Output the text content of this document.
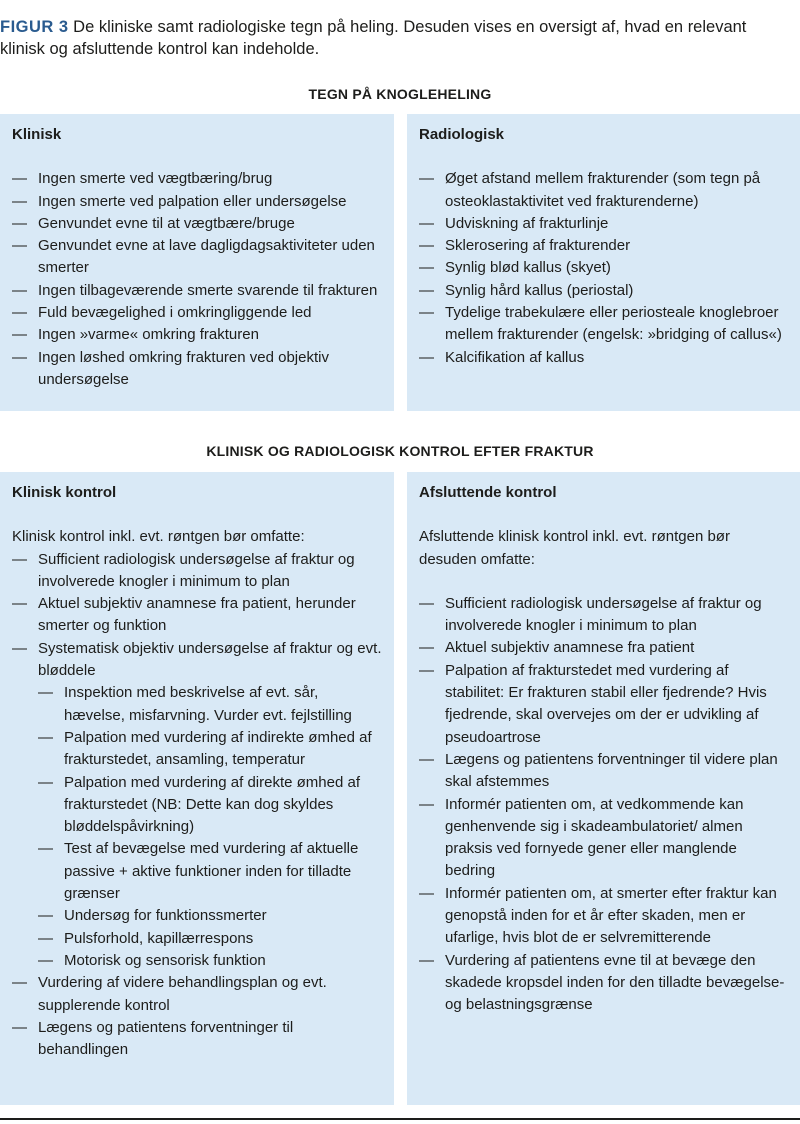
FIGUR 3 De kliniske samt radiologiske tegn på heling. Desuden vises en oversigt af, hvad en relevant klinisk og afsluttende kontrol kan indeholde.
TEGN PÅ KNOGLEHELING
Klinisk
— Ingen smerte ved vægtbæring/brug
— Ingen smerte ved palpation eller undersøgelse
— Genvundet evne til at vægtbære/bruge
— Genvundet evne at lave dagligdagsaktiviteter uden smerter
— Ingen tilbageværende smerte svarende til frakturen
— Fuld bevægelighed i omkringliggende led
— Ingen »varme« omkring frakturen
— Ingen løshed omkring frakturen ved objektiv undersøgelse
Radiologisk
— Øget afstand mellem frakturender (som tegn på osteoklastaktivitet ved frakturenderne)
— Udviskning af frakturlinje
— Sklerosering af frakturender
— Synlig blød kallus (skyet)
— Synlig hård kallus (periostal)
— Tydelige trabekulære eller periosteale knoglebroer mellem frakturender (engelsk: »bridging of callus«)
— Kalcifikation af kallus
KLINISK OG RADIOLOGISK KONTROL EFTER FRAKTUR
Klinisk kontrol

Klinisk kontrol inkl. evt. røntgen bør omfatte:

— Sufficient radiologisk undersøgelse af fraktur og involverede knogler i minimum to plan
— Aktuel subjektiv anamnese fra patient, herunder smerter og funktion
— Systematisk objektiv undersøgelse af fraktur og evt. bløddele
— Inspektion med beskrivelse af evt. sår, hævelse, misfarvning. Vurder evt. fejlstilling
— Palpation med vurdering af indirekte ømhed af frakturstedet, ansamling, temperatur
— Palpation med vurdering af direkte ømhed af frakturstedet (NB: Dette kan dog skyldes bløddelspåvirkning)
— Test af bevægelse med vurdering af aktuelle passive + aktive funktioner inden for tilladte grænser
— Undersøg for funktionssmerter
— Pulsforhold, kapillærrespons
— Motorisk og sensorisk funktion
— Vurdering af videre behandlingsplan og evt. supplerende kontrol
— Lægens og patientens forventninger til behandlingen
Afsluttende kontrol

Afsluttende klinisk kontrol inkl. evt. røntgen bør desuden omfatte:

— Sufficient radiologisk undersøgelse af fraktur og involverede knogler i minimum to plan
— Aktuel subjektiv anamnese fra patient
— Palpation af frakturstedet med vurdering af stabilitet: Er frakturen stabil eller fjedrende? Hvis fjedrende, skal overvejes om der er udvikling af pseudoartrose
— Lægens og patientens forventninger til videre plan skal afstemmes
— Informér patienten om, at vedkommende kan genhenvende sig i skadeambulatoriet/ almen praksis ved fornyede gener eller manglende bedring
— Informér patienten om, at smerter efter fraktur kan genopstå inden for et år efter skaden, men er ufarlige, hvis blot de er selvremitterende
— Vurdering af patientens evne til at bevæge den skadede kropsdel inden for den tilladte bevægelse- og belastningsgrænse
